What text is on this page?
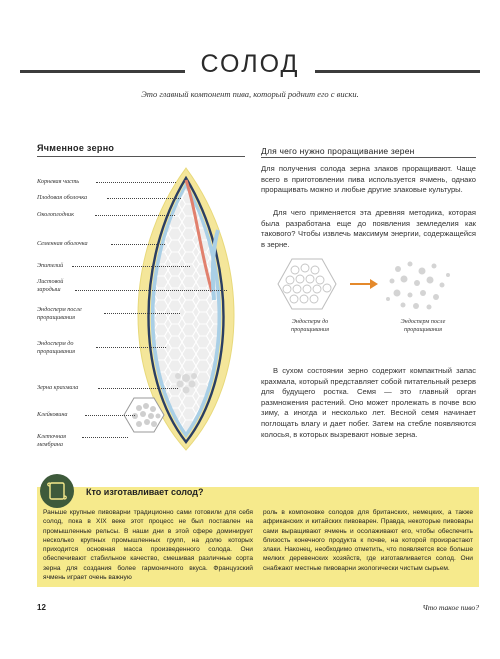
СОЛОД
Это главный компонент пива, который роднит его с виски.
Ячменное зерно
Корневая часть
Плодовая оболочка
Околоплодник
Семенная оболочка
Эпителий
Листовой
зародыш
Эндосперм после
проращивания
Эндосперм до
проращивания
Зерна крахмала
Клейковина
Клеточная
мембрана
Для чего нужно проращивание зерен
Для получения солода зерна злаков проращивают. Чаще всего в приготовлении пива используется ячмень, однако проращивать можно и любые другие злаковые культуры.
Для чего применяется эта древняя методика, которая была разработана еще до появления земледелия как такового? Чтобы извлечь максимум энергии, содержащейся в зерне.
Эндосперм до
проращивания
Эндосперм после
проращивания
В сухом состоянии зерно содержит компактный запас крахмала, который представляет собой питательный резерв для будущего ростка. Семя — это главный орган размножения растений. Оно может пролежать в почве всю зиму, а иногда и несколько лет. Весной семя начинает поглощать влагу и дает побег. Затем на стебле появляются колосья, в которых вызревают новые зерна.
Кто изготавливает солод?
Раньше крупные пивоварни традиционно сами готовили для себя солод, пока в XIX веке этот процесс не был поставлен на промышленные рельсы. В наши дни в этой сфере доминирует несколько крупных промышленных групп, на долю которых приходится основная масса произведенного солода. Они обеспечивают стабильное качество, смешивая различные сорта зерна для создания более гармоничного вкуса. Французский ячмень играет очень важную
роль в компоновке солодов для британских, немецких, а также африканских и китайских пивоварен. Правда, некоторые пивовары сами выращивают ячмень и осолаживают его, чтобы обеспечить близость конечного продукта к почве, на которой произрастают злаки. Наконец, необходимо отметить, что появляется все больше мелких деревенских хозяйств, где изготавливается солод. Они снабжают местные пивоварни экологически чистым сырьем.
12	Что такое пиво?
